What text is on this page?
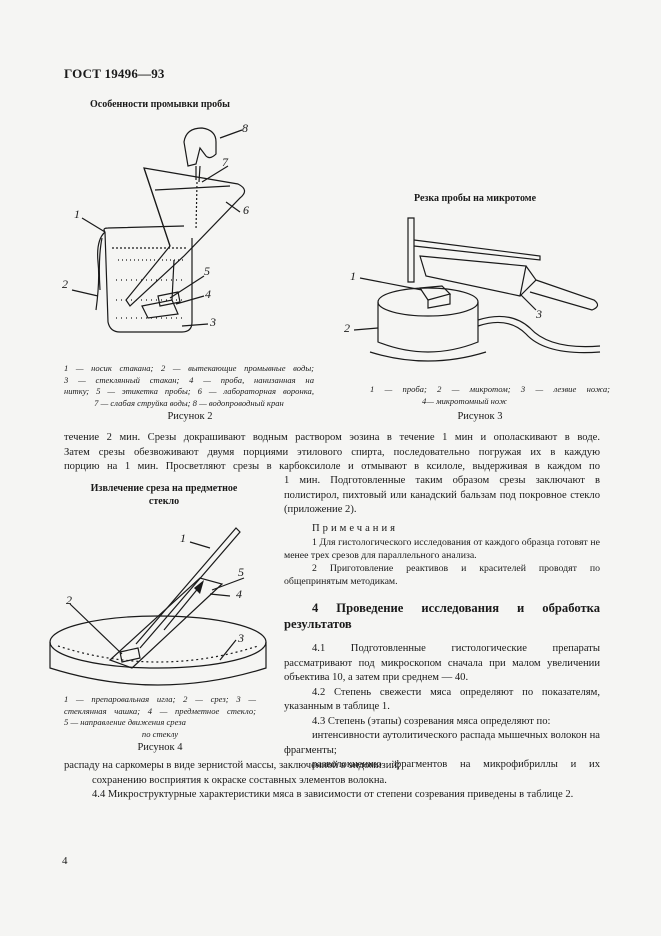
ГОСТ 19496—93
Особенности промывки пробы
1
2
3
4
5
6
7
8
1 — носик стакана; 2 — вытекающие промывные воды;
3 — стеклянный стакан; 4 — проба, нанизанная на
нитку; 5 — этикетка пробы; 6 — лабораторная воронка,
7 — слабая струйка воды; 8 — водопроводный кран
Рисунок 2
Резка пробы на микротоме
1
2
3
1 — проба; 2 — микротом; 3 — лезвие ножа;
4— микротомный нож
Рисунок 3
течение 2 мин. Срезы докрашивают водным раствором эозина в течение 1 мин и ополаскивают в воде.
Затем срезы обезвоживают двумя порциями этилового спирта, последовательно погружая их в каждую
порцию на 1 мин. Просветляют срезы в карбоксилоле и отмывают в ксилоле, выдерживая в каждом по
Извлечение среза на предметное
стекло
2
1
5
4
3
1 — препаровальная игла; 2 — срез; 3 —
стеклянная чашка; 4 — предметное стекло;
5 — направление движения среза
по стеклу
Рисунок 4
1 мин. Подготовленные таким образом срезы заключают в полистирол, пихтовый или канадский бальзам под покровное стекло (приложение 2).
Примечания
1 Для гистологического исследования от каждого образца готовят не менее трех срезов для параллельного анализа.
2 Приготовление реактивов и красителей проводят по общепринятым методикам.
4 Проведение исследования и обработка результатов
4.1 Подготовленные гистологические препараты рассматривают под микроскопом сначала при малом увеличении объектива 10, а затем при среднем — 40.
4.2 Степень свежести мяса определяют по показателям, указанным в таблице 1.
4.3 Степень (этапы) созревания мяса определяют по:
интенсивности аутолитического распада мышечных волокон на фрагменты;
разволокнению фрагментов на микрофибриллы и их
распаду на саркомеры в виде зернистой массы, заключенной в эндомизий;
сохранению восприятия к окраске составных элементов волокна.
4.4 Микроструктурные характеристики мяса в зависимости от степени созревания приведены в таблице 2.
4
